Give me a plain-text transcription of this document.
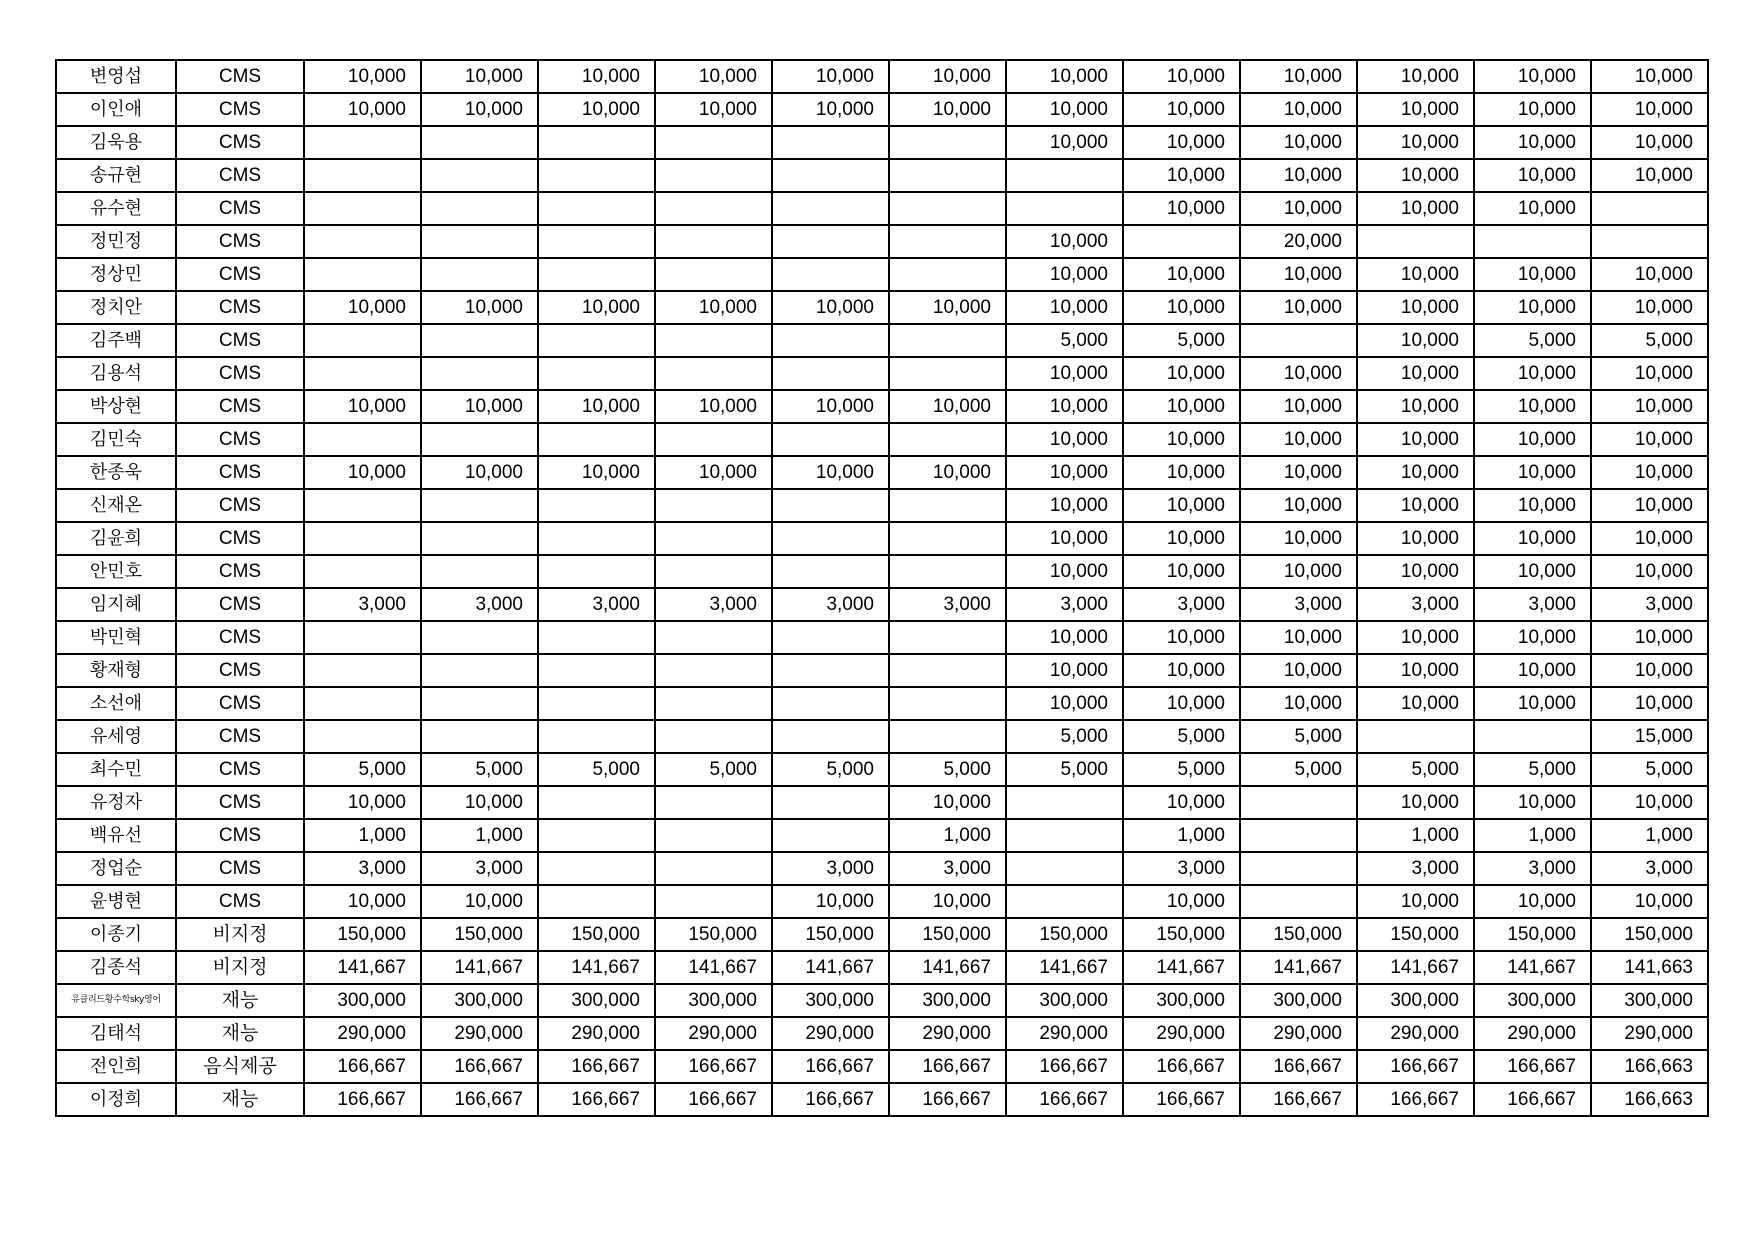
변영섭	CMS	10,000	10,000	10,000	10,000	10,000	10,000	10,000	10,000	10,000	10,000	10,000	10,000
이인애	CMS	10,000	10,000	10,000	10,000	10,000	10,000	10,000	10,000	10,000	10,000	10,000	10,000
김욱용	CMS							10,000	10,000	10,000	10,000	10,000	10,000
송규현	CMS								10,000	10,000	10,000	10,000	10,000
유수현	CMS								10,000	10,000	10,000	10,000	
정민정	CMS							10,000		20,000			
정상민	CMS							10,000	10,000	10,000	10,000	10,000	10,000
정치안	CMS	10,000	10,000	10,000	10,000	10,000	10,000	10,000	10,000	10,000	10,000	10,000	10,000
김주백	CMS							5,000	5,000		10,000	5,000	5,000
김용석	CMS							10,000	10,000	10,000	10,000	10,000	10,000
박상현	CMS	10,000	10,000	10,000	10,000	10,000	10,000	10,000	10,000	10,000	10,000	10,000	10,000
김민숙	CMS							10,000	10,000	10,000	10,000	10,000	10,000
한종욱	CMS	10,000	10,000	10,000	10,000	10,000	10,000	10,000	10,000	10,000	10,000	10,000	10,000
신재온	CMS							10,000	10,000	10,000	10,000	10,000	10,000
김윤희	CMS							10,000	10,000	10,000	10,000	10,000	10,000
안민호	CMS							10,000	10,000	10,000	10,000	10,000	10,000
임지혜	CMS	3,000	3,000	3,000	3,000	3,000	3,000	3,000	3,000	3,000	3,000	3,000	3,000
박민혁	CMS							10,000	10,000	10,000	10,000	10,000	10,000
황재형	CMS							10,000	10,000	10,000	10,000	10,000	10,000
소선애	CMS							10,000	10,000	10,000	10,000	10,000	10,000
유세영	CMS							5,000	5,000	5,000			15,000
최수민	CMS	5,000	5,000	5,000	5,000	5,000	5,000	5,000	5,000	5,000	5,000	5,000	5,000
유정자	CMS	10,000	10,000				10,000		10,000		10,000	10,000	10,000
백유선	CMS	1,000	1,000				1,000		1,000		1,000	1,000	1,000
정업순	CMS	3,000	3,000			3,000	3,000		3,000		3,000	3,000	3,000
윤병현	CMS	10,000	10,000			10,000	10,000		10,000		10,000	10,000	10,000
이종기	비지정	150,000	150,000	150,000	150,000	150,000	150,000	150,000	150,000	150,000	150,000	150,000	150,000
김종석	비지정	141,667	141,667	141,667	141,667	141,667	141,667	141,667	141,667	141,667	141,667	141,667	141,663
유클리드황수학sky영어	재능	300,000	300,000	300,000	300,000	300,000	300,000	300,000	300,000	300,000	300,000	300,000	300,000
김태석	재능	290,000	290,000	290,000	290,000	290,000	290,000	290,000	290,000	290,000	290,000	290,000	290,000
전인희	음식제공	166,667	166,667	166,667	166,667	166,667	166,667	166,667	166,667	166,667	166,667	166,667	166,663
이정희	재능	166,667	166,667	166,667	166,667	166,667	166,667	166,667	166,667	166,667	166,667	166,667	166,663
